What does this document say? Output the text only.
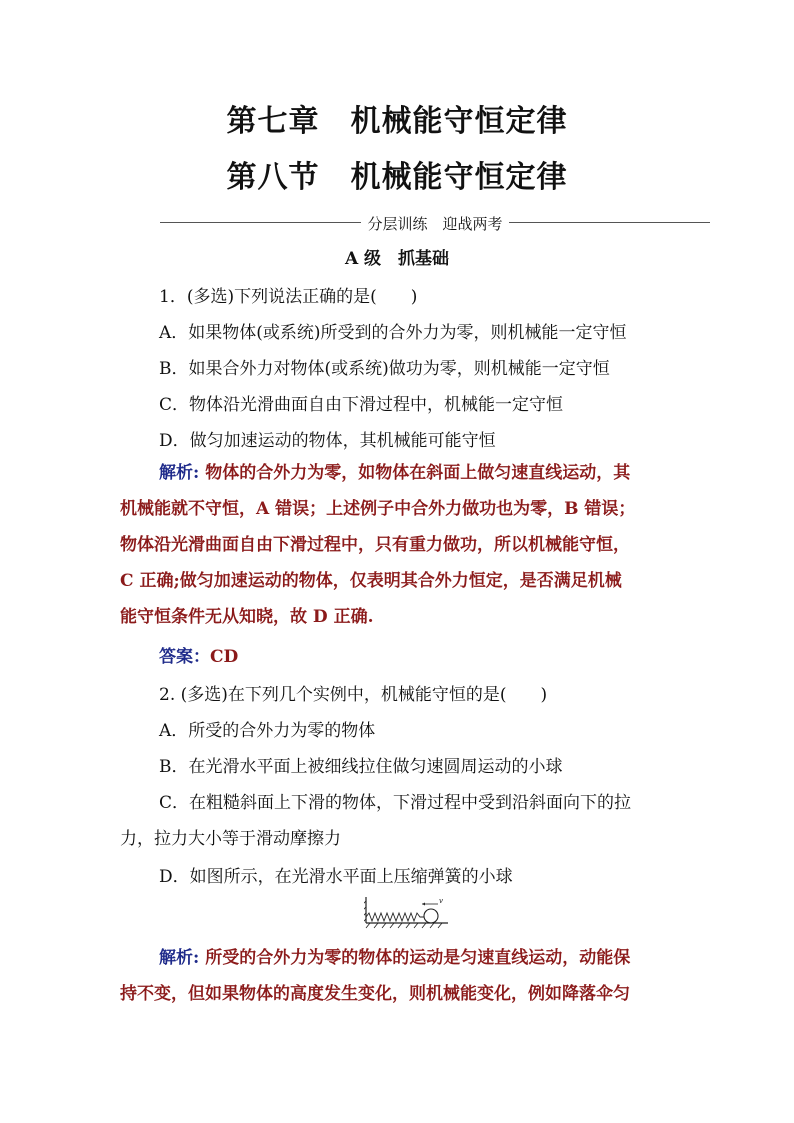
第七章　机械能守恒定律
第八节　机械能守恒定律
分层训练　迎战两考
A 级　抓基础
1．(多选)下列说法正确的是(　　)
A．如果物体(或系统)所受到的合外力为零，则机械能一定守恒
B．如果合外力对物体(或系统)做功为零，则机械能一定守恒
C．物体沿光滑曲面自由下滑过程中，机械能一定守恒
D．做匀加速运动的物体，其机械能可能守恒
解析: 物体的合外力为零，如物体在斜面上做匀速直线运动，其
机械能就不守恒，A 错误；上述例子中合外力做功也为零，B 错误；
物体沿光滑曲面自由下滑过程中，只有重力做功，所以机械能守恒，
C 正确;做匀加速运动的物体，仅表明其合外力恒定，是否满足机械
能守恒条件无从知晓，故 D 正确.
答案：CD
2. (多选)在下列几个实例中，机械能守恒的是(　　)
A．所受的合外力为零的物体
B．在光滑水平面上被细线拉住做匀速圆周运动的小球
C．在粗糙斜面上下滑的物体，下滑过程中受到沿斜面向下的拉
力，拉力大小等于滑动摩擦力
D．如图所示，在光滑水平面上压缩弹簧的小球
v
解析: 所受的合外力为零的物体的运动是匀速直线运动，动能保
持不变，但如果物体的高度发生变化，则机械能变化，例如降落伞匀
